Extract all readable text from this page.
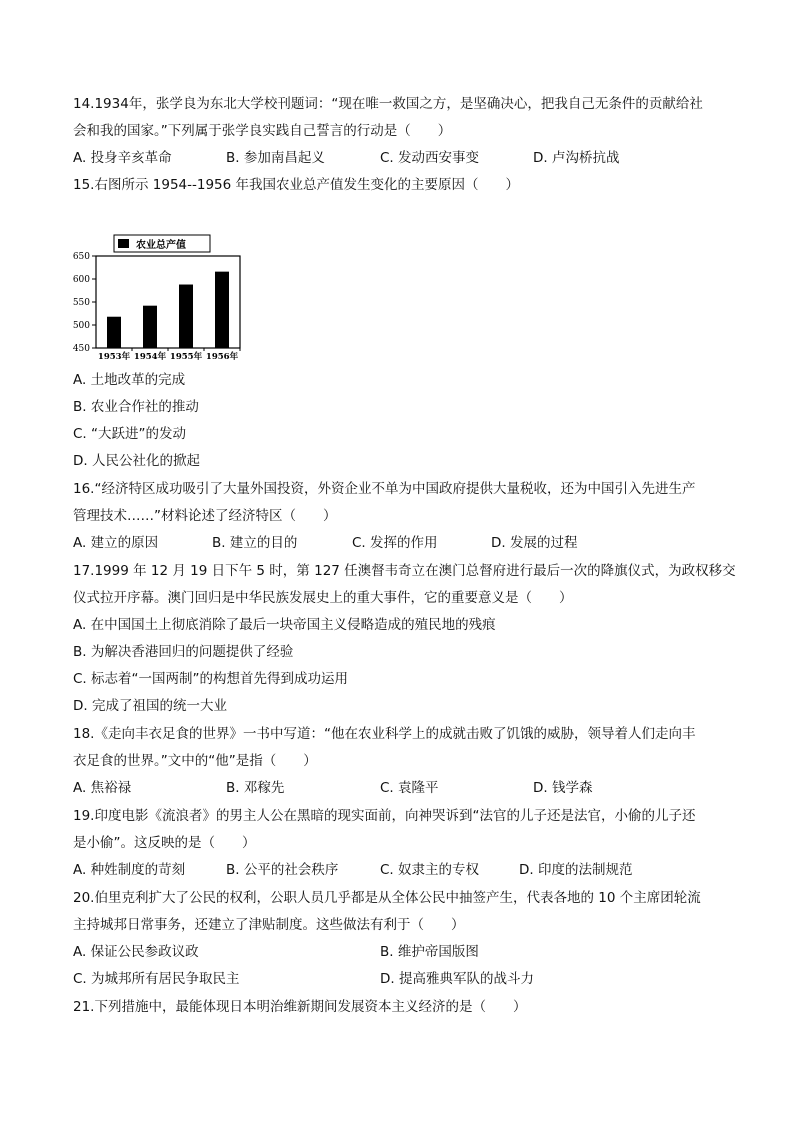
14.1934年，张学良为东北大学校刊题词：“现在唯一救国之方，是坚确决心，把我自己无条件的贡献给社
会和我的国家。”下列属于张学良实践自己誓言的行动是（　　）
A. 投身辛亥革命	B. 参加南昌起义	C. 发动西安事变	D. 卢沟桥抗战
15.右图所示 1954--1956 年我国农业总产值发生变化的主要原因（　　）
农业总产值
650
600
550
500
450
1953年 1954年 1955年 1956年
A. 土地改革的完成
B. 农业合作社的推动
C. “大跃进”的发动
D. 人民公社化的掀起
16.“经济特区成功吸引了大量外国投资，外资企业不单为中国政府提供大量税收，还为中国引入先进生产
管理技术……”材料论述了经济特区（　　）
A. 建立的原因	B. 建立的目的	C. 发挥的作用	D. 发展的过程
17.1999 年 12 月 19 日下午 5 时，第 127 任澳督韦奇立在澳门总督府进行最后一次的降旗仪式，为政权移交
仪式拉开序幕。澳门回归是中华民族发展史上的重大事件，它的重要意义是（　　）
A. 在中国国土上彻底消除了最后一块帝国主义侵略造成的殖民地的残痕
B. 为解决香港回归的问题提供了经验
C. 标志着“一国两制”的构想首先得到成功运用
D. 完成了祖国的统一大业
18.《走向丰衣足食的世界》一书中写道：“他在农业科学上的成就击败了饥饿的威胁，领导着人们走向丰
衣足食的世界。”文中的“他”是指（　　）
A. 焦裕禄	B. 邓稼先	C. 袁隆平	D. 钱学森
19.印度电影《流浪者》的男主人公在黑暗的现实面前，向神哭诉到“法官的儿子还是法官，小偷的儿子还
是小偷”。这反映的是（　　）
A. 种姓制度的苛刻	B. 公平的社会秩序	C. 奴隶主的专权	D. 印度的法制规范
20.伯里克利扩大了公民的权利，公职人员几乎都是从全体公民中抽签产生，代表各地的 10 个主席团轮流
主持城邦日常事务，还建立了津贴制度。这些做法有利于（　　）
A. 保证公民参政议政	B. 维护帝国版图
C. 为城邦所有居民争取民主	D. 提高雅典军队的战斗力
21.下列措施中，最能体现日本明治维新期间发展资本主义经济的是（　　）
